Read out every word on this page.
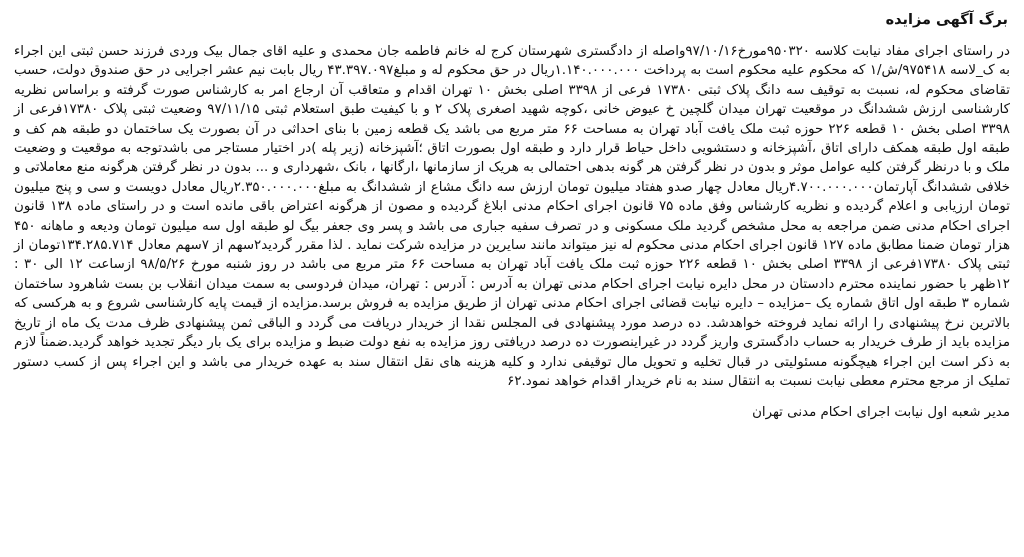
برگ آگهی مزایده

در راستای اجرای مفاد نیابت کلاسه ۹۵۰۳۲۰مورخ۹۷/۱۰/۱۶واصله از دادگستری شهرستان کرج له خانم فاطمه جان محمدی و علیه اقای جمال بیک وردی فرزند حسن ثبتی این اجراء به ک_لاسه ۹۷۵۴۱۸/ش/۱ که محکوم علیه محکوم است به پرداخت ۱.۱۴۰.۰۰۰.۰۰۰ریال در حق محکوم له و مبلغ۴۳.۳۹۷.۰۹۷ ریال بابت نیم عشر اجرایی در حق صندوق دولت، حسب تقاضای محکوم له، نسبت به توقیف سه دانگ پلاک ثبتی ۱۷۳۸۰ فرعی از ۳۳۹۸ اصلی بخش ۱۰ تهران اقدام و متعاقب آن ارجاع امر به کارشناس صورت گرفته و براساس نظریه کارشناسی ارزش ششدانگ در موقعیت تهران میدان گلچین خ عیوض خانی ،کوچه شهید اصغری پلاک ۲ و با کیفیت طبق استعلام ثبتی ۹۷/۱۱/۱۵ وضعیت ثبتی پلاک ۱۷۳۸۰فرعی از ۳۳۹۸ اصلی بخش ۱۰ قطعه ۲۲۶ حوزه ثبت ملک یافت آباد تهران به مساحت ۶۶ متر مربع می باشد یک قطعه زمین با بنای احداثی در آن بصورت یک ساختمان دو طبقه هم کف و طبقه اول طبقه همکف دارای اتاق ،آشپزخانه و دستشویی داخل حیاط قرار دارد و طبقه اول بصورت اتاق ؛آشپزخانه (زیر پله )در اختیار مستاجر می باشدتوجه به موقعیت و وضعیت ملک و با درنظر گرفتن کلیه عوامل موثر و بدون در نظر گرفتن هر گونه بدهی احتمالی به هریک از سازمانها ،ارگانها ، بانک ،شهرداری و ... بدون در نظر گرفتن هرگونه منع معاملاتی و خلافی ششدانگ آپارتمان۴.۷۰۰.۰۰۰.۰۰۰ریال معادل چهار صدو هفتاد میلیون تومان ارزش سه دانگ مشاع از ششدانگ به مبلغ۲.۳۵۰.۰۰۰.۰۰۰ریال معادل دویست و سی و پنج میلیون تومان ارزیابی و اعلام گردیده و نظریه کارشناس وفق ماده ۷۵ قانون اجرای احکام مدنی ابلاغ گردیده و مصون از هرگونه اعتراض باقی مانده است و در راستای ماده ۱۳۸ قانون اجرای احکام مدنی ضمن مراجعه به محل مشخص گردید ملک مسکونی و در تصرف سفیه جباری می باشد و پسر وی جعفر بیگ لو طبقه اول سه میلیون تومان ودیعه و ماهانه ۴۵۰ هزار تومان ضمنا مطابق ماده ۱۲۷ قانون اجرای احکام مدنی محکوم له نیز میتواند مانند سایرین در مزایده شرکت نماید . لذا مقرر گردید۲سهم از ۷سهم معادل ۱۳۴.۲۸۵.۷۱۴تومان از ثبتی پلاک ۱۷۳۸۰فرعی از ۳۳۹۸ اصلی بخش ۱۰ قطعه ۲۲۶ حوزه ثبت ملک یافت آباد تهران به مساحت ۶۶ متر مربع می باشد در روز شنبه مورخ ۹۸/۵/۲۶ ازساعت ۱۲ الی ۳۰ : ۱۲ظهر با حضور نماینده محترم دادستان در محل دایره نیابت اجرای احکام مدنی تهران به آدرس : آدرس : تهران، میدان فردوسی به سمت میدان انقلاب بن بست شاهرود ساختمان شماره ۳ طبقه اول اتاق شماره یک –مزایده – دایره نیابت قضائی اجرای احکام مدنی تهران از طریق مزایده به فروش برسد.مزایده از قیمت پایه کارشناسی شروع و به هرکسی که بالاترین نرخ پیشنهادی را ارائه نماید فروخته خواهدشد. ده درصد مورد پیشنهادی فی المجلس نقدا از خریدار دریافت می گردد و الباقی ثمن پیشنهادی ظرف مدت یک ماه از تاریخ مزایده باید از طرف خریدار به حساب دادگستری واریز گردد در غیراینصورت ده درصد دریافتی روز مزایده به نفع دولت ضبط و مزایده برای یک بار دیگر تجدید خواهد گردید.ضمناً لازم به ذکر است این اجراء هیچگونه مسئولیتی در قبال تخلیه و تحویل مال توقیفی ندارد و کلیه هزینه های نقل انتقال سند به عهده خریدار می باشد و این اجراء پس از کسب دستور تملیک از مرجع محترم معطی نیابت نسبت به انتقال سند به نام خریدار اقدام خواهد نمود.۶۲

مدیر شعبه اول نیابت اجرای احکام مدنی تهران
